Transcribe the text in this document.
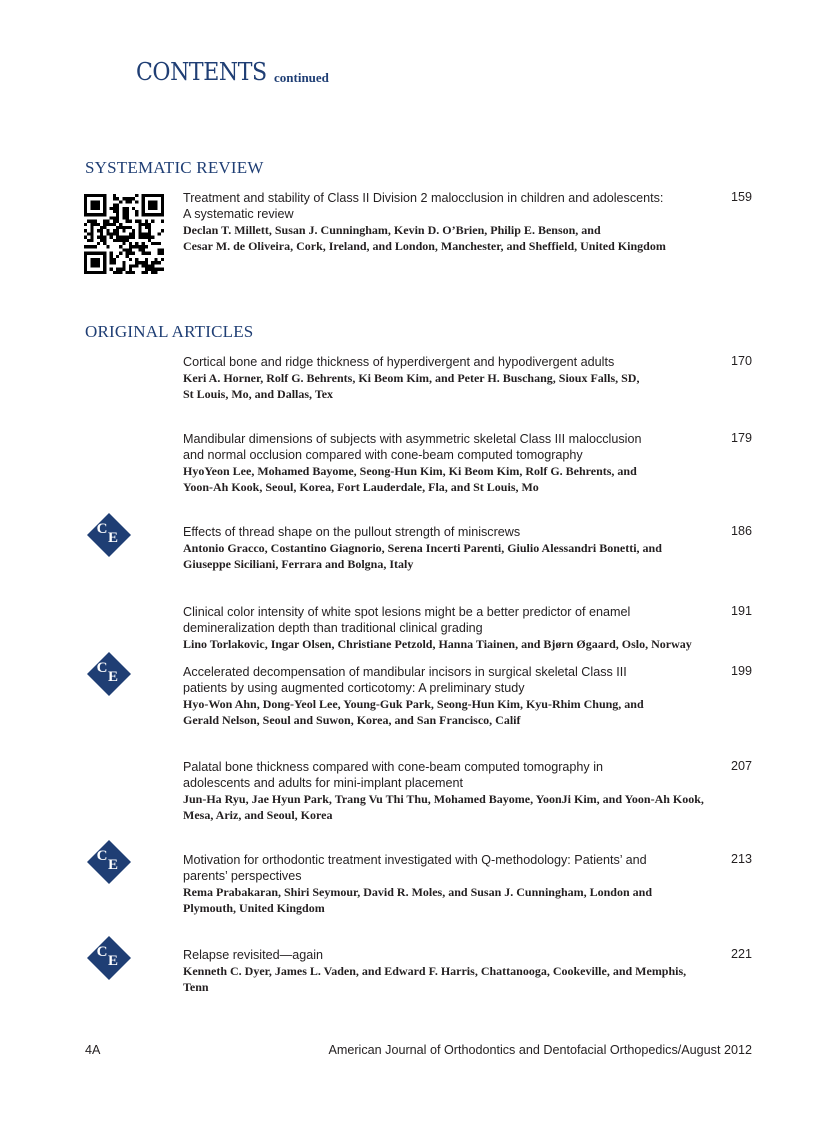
CONTENTS continued
SYSTEMATIC REVIEW
ORIGINAL ARTICLES
C
E
C
E
C
E
C
E
Treatment and stability of Class II Division 2 malocclusion in children and adolescents:
A systematic review
Declan T. Millett, Susan J. Cunningham, Kevin D. O’Brien, Philip E. Benson, and
Cesar M. de Oliveira, Cork, Ireland, and London, Manchester, and Sheffield, United Kingdom
159
Cortical bone and ridge thickness of hyperdivergent and hypodivergent adults
Keri A. Horner, Rolf G. Behrents, Ki Beom Kim, and Peter H. Buschang, Sioux Falls, SD,
St Louis, Mo, and Dallas, Tex
170
Mandibular dimensions of subjects with asymmetric skeletal Class III malocclusion
and normal occlusion compared with cone-beam computed tomography
HyoYeon Lee, Mohamed Bayome, Seong-Hun Kim, Ki Beom Kim, Rolf G. Behrents, and
Yoon-Ah Kook, Seoul, Korea, Fort Lauderdale, Fla, and St Louis, Mo
179
Effects of thread shape on the pullout strength of miniscrews
Antonio Gracco, Costantino Giagnorio, Serena Incerti Parenti, Giulio Alessandri Bonetti, and
Giuseppe Siciliani, Ferrara and Bolgna, Italy
186
Clinical color intensity of white spot lesions might be a better predictor of enamel
demineralization depth than traditional clinical grading
Lino Torlakovic, Ingar Olsen, Christiane Petzold, Hanna Tiainen, and Bjørn Øgaard, Oslo, Norway
191
Accelerated decompensation of mandibular incisors in surgical skeletal Class III
patients by using augmented corticotomy: A preliminary study
Hyo-Won Ahn, Dong-Yeol Lee, Young-Guk Park, Seong-Hun Kim, Kyu-Rhim Chung, and
Gerald Nelson, Seoul and Suwon, Korea, and San Francisco, Calif
199
Palatal bone thickness compared with cone-beam computed tomography in
adolescents and adults for mini-implant placement
Jun-Ha Ryu, Jae Hyun Park, Trang Vu Thi Thu, Mohamed Bayome, YoonJi Kim, and Yoon-Ah Kook,
Mesa, Ariz, and Seoul, Korea
207
Motivation for orthodontic treatment investigated with Q-methodology: Patients’ and
parents’ perspectives
Rema Prabakaran, Shiri Seymour, David R. Moles, and Susan J. Cunningham, London and
Plymouth, United Kingdom
213
Relapse revisited—again
Kenneth C. Dyer, James L. Vaden, and Edward F. Harris, Chattanooga, Cookeville, and Memphis,
Tenn
221
4A	American Journal of Orthodontics and Dentofacial Orthopedics/August 2012
